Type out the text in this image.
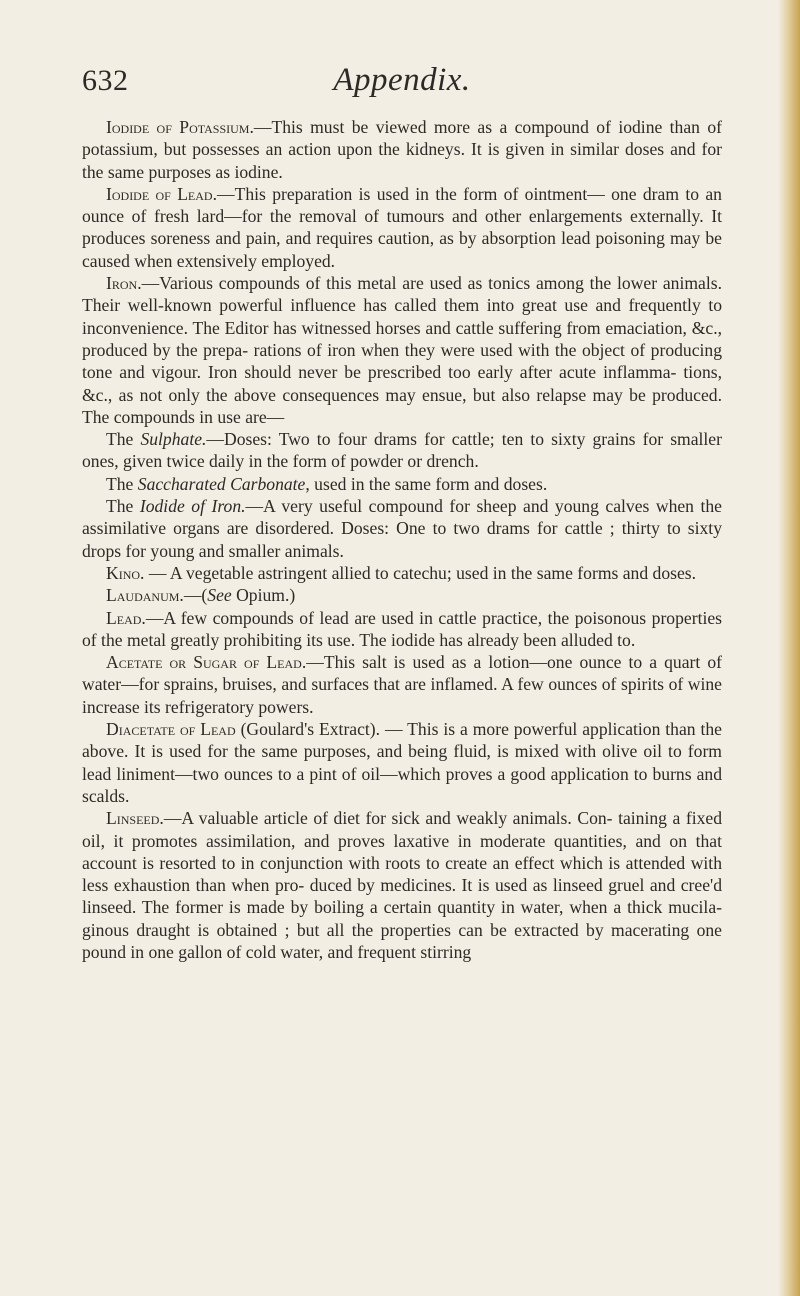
632	Appendix.

Iodide of Potassium.—This must be viewed more as a compound of iodine than of potassium, but possesses an action upon the kidneys. It is given in similar doses and for the same purposes as iodine.

Iodide of Lead.—This preparation is used in the form of ointment— one dram to an ounce of fresh lard—for the removal of tumours and other enlargements externally. It produces soreness and pain, and requires caution, as by absorption lead poisoning may be caused when extensively employed.

Iron.—Various compounds of this metal are used as tonics among the lower animals. Their well-known powerful influence has called them into great use and frequently to inconvenience. The Editor has witnessed horses and cattle suffering from emaciation, &c., produced by the prepa- rations of iron when they were used with the object of producing tone and vigour. Iron should never be prescribed too early after acute inflamma- tions, &c., as not only the above consequences may ensue, but also relapse may be produced. The compounds in use are—

The Sulphate.—Doses: Two to four drams for cattle; ten to sixty grains for smaller ones, given twice daily in the form of powder or drench.

The Saccharated Carbonate, used in the same form and doses.

The Iodide of Iron.—A very useful compound for sheep and young calves when the assimilative organs are disordered. Doses: One to two drams for cattle ; thirty to sixty drops for young and smaller animals.

Kino. — A vegetable astringent allied to catechu; used in the same forms and doses.

Laudanum.—(See Opium.)

Lead.—A few compounds of lead are used in cattle practice, the poisonous properties of the metal greatly prohibiting its use. The iodide has already been alluded to.

Acetate or Sugar of Lead.—This salt is used as a lotion—one ounce to a quart of water—for sprains, bruises, and surfaces that are inflamed. A few ounces of spirits of wine increase its refrigeratory powers.

Diacetate of Lead (Goulard's Extract). — This is a more powerful application than the above. It is used for the same purposes, and being fluid, is mixed with olive oil to form lead liniment—two ounces to a pint of oil—which proves a good application to burns and scalds.

Linseed.—A valuable article of diet for sick and weakly animals. Con- taining a fixed oil, it promotes assimilation, and proves laxative in moderate quantities, and on that account is resorted to in conjunction with roots to create an effect which is attended with less exhaustion than when pro- duced by medicines. It is used as linseed gruel and cree'd linseed. The former is made by boiling a certain quantity in water, when a thick mucila- ginous draught is obtained ; but all the properties can be extracted by macerating one pound in one gallon of cold water, and frequent stirring
